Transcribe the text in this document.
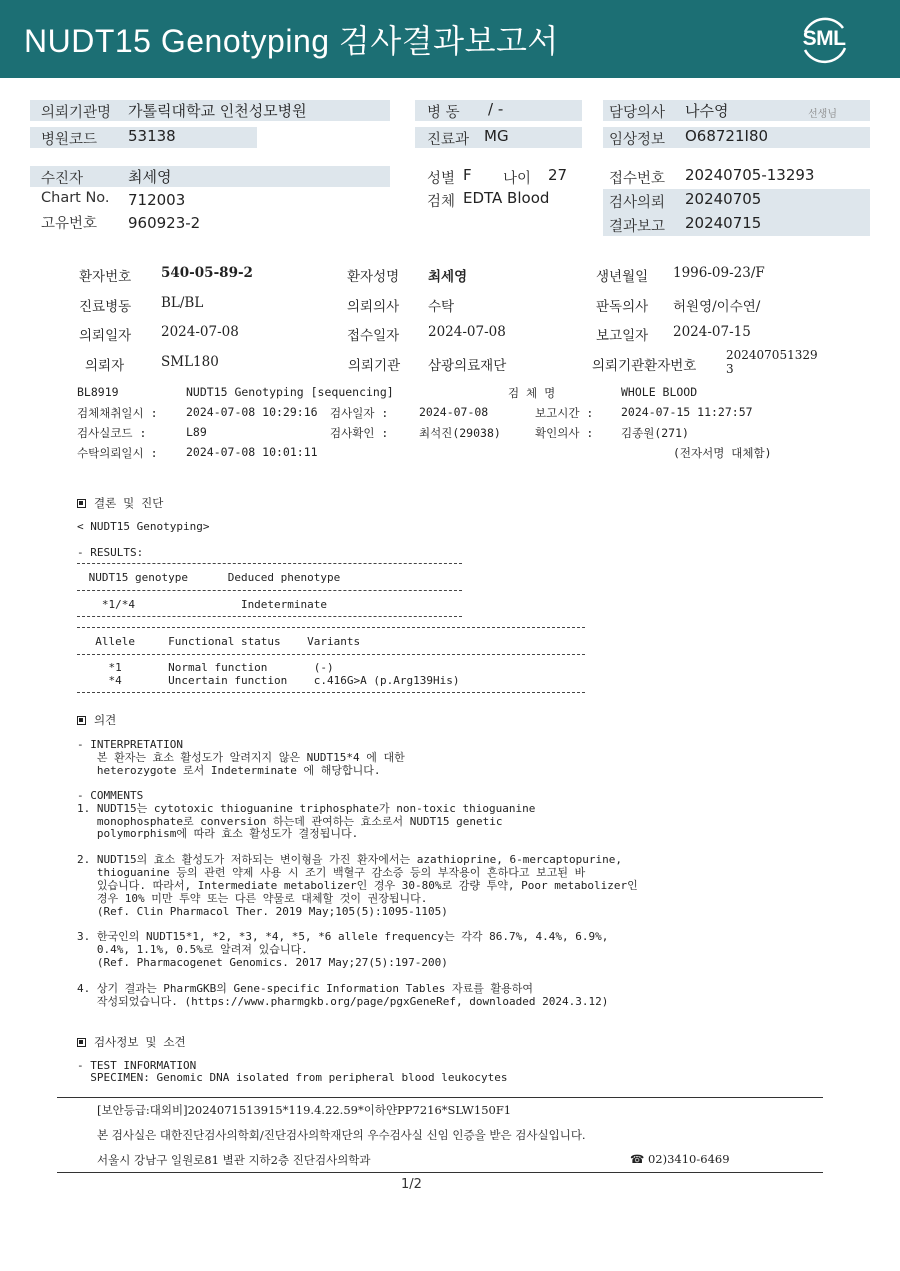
NUDT15 Genotyping 검사결과보고서	SML
의뢰기관명 가톨릭대학교 인천성모병원
병원코드 53138
병 동 / -
진료과 MG
담당의사 나수영	선생님
임상정보 O68721I80
수진자	최세영
Chart No. 712003
고유번호 960923-2
성별 F 나이 27
검체 EDTA Blood
접수번호 20240705-13293
검사의뢰 20240705
결과보고 20240715
환자번호 540-05-89-2	환자성명 최세영	생년월일 1996-09-23/F
진료병동 BL/BL	의뢰의사 수탁	판독의사 허원영/이수연/
의뢰일자 2024-07-08	접수일자 2024-07-08	보고일자 2024-07-15
의뢰자	SML180	의뢰기관 삼광의료재단	의뢰기관환자번호
202407051329
3
BL8919	NUDT15 Genotyping [sequencing]	검 체 명	WHOLE BLOOD
검체채취일시 : 2024-07-08 10:29:16 검사일자 :	2024-07-08	보고시간 : 2024-07-15 11:27:57
검사실코드 :	L89	검사확인 :	최석진(29038)	확인의사 : 김종원(271)
수탁의뢰일시 : 2024-07-08 10:01:11	(전자서명 대체함)
결론 및 진단
< NUDT15 Genotyping>
- RESULTS:
NUDT15 genotype      Deduced phenotype
*1/*4                Indeterminate
Allele     Functional status    Variants
*1       Normal function       (-)
*4       Uncertain function    c.416G>A (p.Arg139His)
의견
- INTERPRETATION
본 환자는 효소 활성도가 알려지지 않은 NUDT15*4 에 대한
heterozygote 로서 Indeterminate 에 해당합니다.
- COMMENTS
1. NUDT15는 cytotoxic thioguanine triphosphate가 non-toxic thioguanine
monophosphate로 conversion 하는데 관여하는 효소로서 NUDT15 genetic
polymorphism에 따라 효소 활성도가 결정됩니다.
2. NUDT15의 효소 활성도가 저하되는 변이형을 가진 환자에서는 azathioprine, 6-mercaptopurine,
thioguanine 등의 관련 약제 사용 시 조기 백혈구 감소증 등의 부작용이 흔하다고 보고된 바
있습니다. 따라서, Intermediate metabolizer인 경우 30-80%로 감량 투약, Poor metabolizer인
경우 10% 미만 투약 또는 다른 약물로 대체할 것이 권장됩니다.
(Ref. Clin Pharmacol Ther. 2019 May;105(5):1095-1105)
3. 한국인의 NUDT15*1, *2, *3, *4, *5, *6 allele frequency는 각각 86.7%, 4.4%, 6.9%,
0.4%, 1.1%, 0.5%로 알려져 있습니다.
(Ref. Pharmacogenet Genomics. 2017 May;27(5):197-200)
4. 상기 결과는 PharmGKB의 Gene-specific Information Tables 자료를 활용하여
작성되었습니다. (https://www.pharmgkb.org/page/pgxGeneRef, downloaded 2024.3.12)
검사정보 및 소견
- TEST INFORMATION
SPECIMEN: Genomic DNA isolated from peripheral blood leukocytes
[보안등급:대외비]2024071513915*119.4.22.59*이하얀PP7216*SLW150F1
본 검사실은 대한진단검사의학회/진단검사의학재단의 우수검사실 신임 인증을 받은 검사실입니다.
서울시 강남구 일원로81 별관 지하2층 진단검사의학과	☎ 02)3410-6469
1/2
